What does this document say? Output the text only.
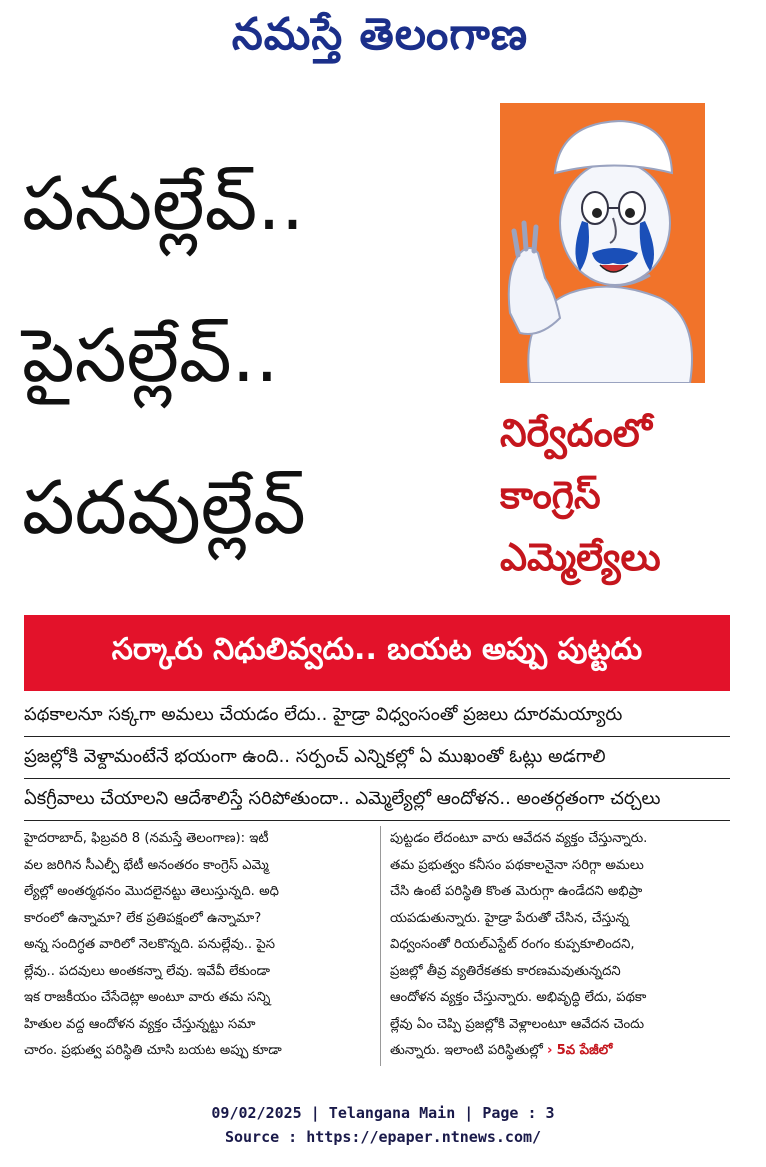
నమస్తే తెలంగాణ
పనుల్లేవ్..
పైసల్లేవ్..
పదవుల్లేవ్
నిర్వేదంలో
కాంగ్రెస్
ఎమ్మెల్యేలు
సర్కారు నిధులివ్వదు.. బయట అప్పు పుట్టదు
పథకాలనూ సక్కగా అమలు చేయడం లేదు.. హైడ్రా విధ్వంసంతో ప్రజలు దూరమయ్యారు
ప్రజల్లోకి వెళ్దామంటేనే భయంగా ఉంది.. సర్పంచ్ ఎన్నికల్లో ఏ ముఖంతో ఓట్లు అడగాలి
ఏకగ్రీవాలు చేయాలని ఆదేశాలిస్తే సరిపోతుందా.. ఎమ్మెల్యేల్లో ఆందోళన.. అంతర్గతంగా చర్చలు
హైదరాబాద్, ఫిబ్రవరి 8 (నమస్తే తెలంగాణ): ఇటీ
వల జరిగిన సీఎల్పీ భేటీ అనంతరం కాంగ్రెస్ ఎమ్మె
ల్యేల్లో అంతర్మథనం మొదలైనట్టు తెలుస్తున్నది. అధి
కారంలో ఉన్నామా? లేక ప్రతిపక్షంలో ఉన్నామా?
అన్న సందిగ్ధత వారిలో నెలకొన్నది. పనుల్లేవు.. పైస
ల్లేవు.. పదవులు అంతకన్నా లేవు. ఇవేవీ లేకుండా
ఇక రాజకీయం చేసేదెట్లా అంటూ వారు తమ సన్ని
హితుల వద్ద ఆందోళన వ్యక్తం చేస్తున్నట్టు సమా
చారం. ప్రభుత్వ పరిస్థితి చూసి బయట అప్పు కూడా
పుట్టడం లేదంటూ వారు ఆవేదన వ్యక్తం చేస్తున్నారు.
తమ ప్రభుత్వం కనీసం పథకాలనైనా సరిగ్గా అమలు
చేసి ఉంటే పరిస్థితి కొంత మెరుగ్గా ఉండేదని అభిప్రా
యపడుతున్నారు. హైడ్రా పేరుతో చేసిన, చేస్తున్న
విధ్వంసంతో రియల్ఎస్టేట్ రంగం కుప్పకూలిందని,
ప్రజల్లో తీవ్ర వ్యతిరేకతకు కారణమవుతున్నదని
ఆందోళన వ్యక్తం చేస్తున్నారు. అభివృద్ధి లేదు, పథకా
ల్లేవు ఏం చెప్పి ప్రజల్లోకి వెళ్లాలంటూ ఆవేదన చెందు
తున్నారు. ఇలాంటి పరిస్థితుల్లో › 5వ పేజీలో
09/02/2025 | Telangana Main | Page : 3
Source : https://epaper.ntnews.com/
